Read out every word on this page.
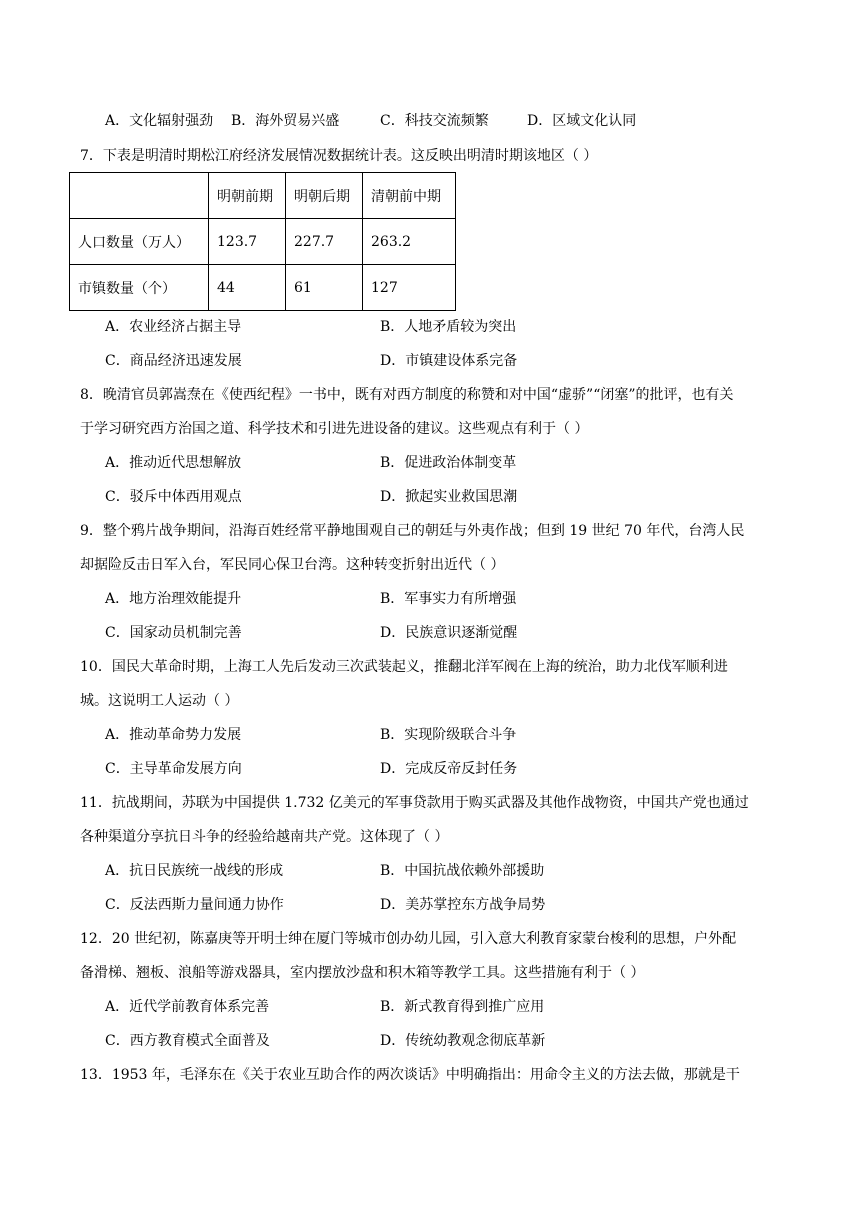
A．文化辐射强劲 B．海外贸易兴盛	C．科技交流频繁	D．区域文化认同
7．下表是明清时期松江府经济发展情况数据统计表。这反映出明清时期该地区（ ）
	明朝前期	明朝后期	清朝前中期
人口数量（万人）	123.7	227.7	263.2
市镇数量（个）	44	61	127
A．农业经济占据主导	B．人地矛盾较为突出
C．商品经济迅速发展	D．市镇建设体系完备
8．晚清官员郭嵩焘在《使西纪程》一书中，既有对西方制度的称赞和对中国“虚骄”“闭塞”的批评，也有关
于学习研究西方治国之道、科学技术和引进先进设备的建议。这些观点有利于（ ）
A．推动近代思想解放	B．促进政治体制变革
C．驳斥中体西用观点	D．掀起实业救国思潮
9．整个鸦片战争期间，沿海百姓经常平静地围观自己的朝廷与外夷作战；但到 19 世纪 70 年代，台湾人民
却据险反击日军入台，军民同心保卫台湾。这种转变折射出近代（ ）
A．地方治理效能提升	B．军事实力有所增强
C．国家动员机制完善	D．民族意识逐渐觉醒
10．国民大革命时期，上海工人先后发动三次武装起义，推翻北洋军阀在上海的统治，助力北伐军顺利进
城。这说明工人运动（ ）
A．推动革命势力发展	B．实现阶级联合斗争
C．主导革命发展方向	D．完成反帝反封任务
11．抗战期间，苏联为中国提供 1.732 亿美元的军事贷款用于购买武器及其他作战物资，中国共产党也通过
各种渠道分享抗日斗争的经验给越南共产党。这体现了（ ）
A．抗日民族统一战线的形成	B．中国抗战依赖外部援助
C．反法西斯力量间通力协作	D．美苏掌控东方战争局势
12．20 世纪初，陈嘉庚等开明士绅在厦门等城市创办幼儿园，引入意大利教育家蒙台梭利的思想，户外配
备滑梯、翘板、浪船等游戏器具，室内摆放沙盘和积木箱等教学工具。这些措施有利于（ ）
A．近代学前教育体系完善	B．新式教育得到推广应用
C．西方教育模式全面普及	D．传统幼教观念彻底革新
13．1953 年，毛泽东在《关于农业互助合作的两次谈话》中明确指出：用命令主义的方法去做，那就是干
